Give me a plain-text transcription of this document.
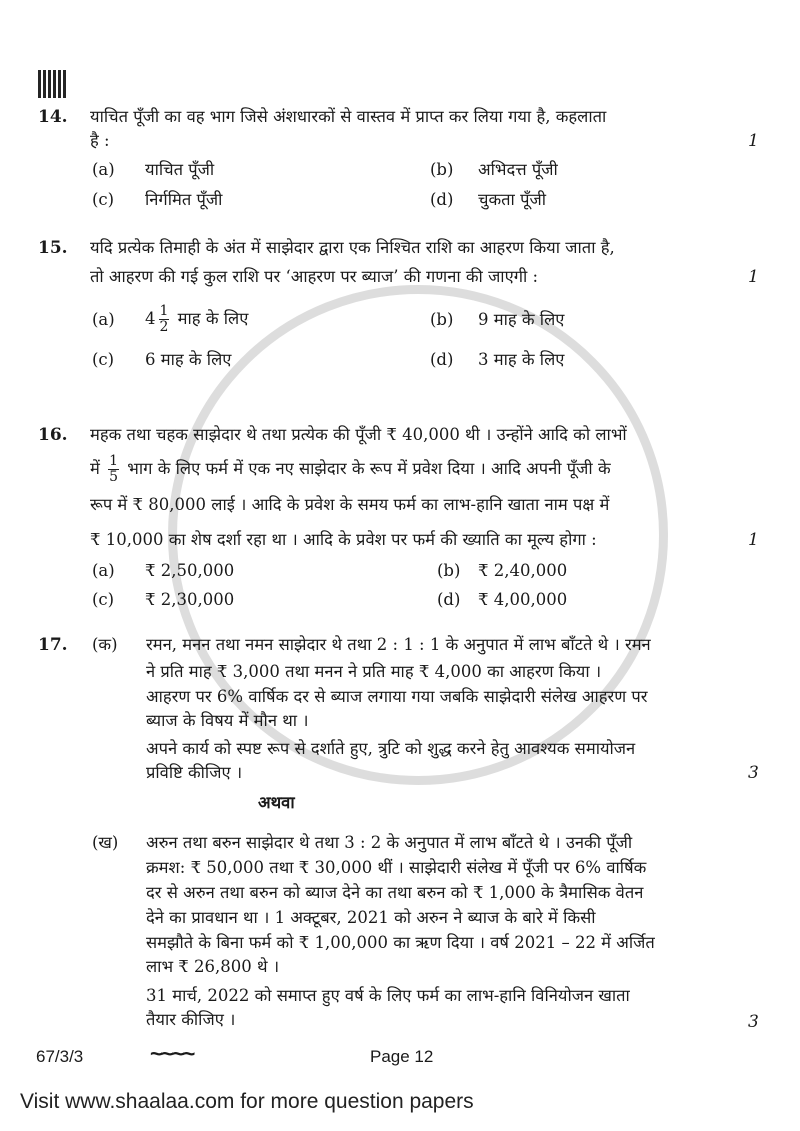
14. याचित पूँजी का वह भाग जिसे अंशधारकों से वास्तव में प्राप्त कर लिया गया है, कहलाता
है :	1
(a) याचित पूँजी	(b) अभिदत्त पूँजी
(c) निर्गमित पूँजी	(d) चुकता पूँजी
15. यदि प्रत्येक तिमाही के अंत में साझेदार द्वारा एक निश्चित राशि का आहरण किया जाता है,
तो आहरण की गई कुल राशि पर ‘आहरण पर ब्याज’ की गणना की जाएगी :	1
(a) $4 \frac{1}{2}$ माह के लिए	(b) 9 माह के लिए
(c) 6 माह के लिए	(d) 3 माह के लिए
16. महक तथा चहक साझेदार थे तथा प्रत्येक की पूँजी ₹ 40,000 थी । उन्होंने आदि को लाभों
में $\frac{1}{5}$ भाग के लिए फर्म में एक नए साझेदार के रूप में प्रवेश दिया । आदि अपनी पूँजी के
रूप में ₹ 80,000 लाई । आदि के प्रवेश के समय फर्म का लाभ-हानि खाता नाम पक्ष में
₹ 10,000 का शेष दर्शा रहा था । आदि के प्रवेश पर फर्म की ख्याति का मूल्य होगा :	1
(a) ₹ 2,50,000	(b) ₹ 2,40,000
(c) ₹ 2,30,000	(d) ₹ 4,00,000
17. (क) रमन, मनन तथा नमन साझेदार थे तथा 2 : 1 : 1 के अनुपात में लाभ बाँटते थे । रमन
ने प्रति माह ₹ 3,000 तथा मनन ने प्रति माह ₹ 4,000 का आहरण किया ।
आहरण पर 6% वार्षिक दर से ब्याज लगाया गया जबकि साझेदारी संलेख आहरण पर
ब्याज के विषय में मौन था ।
अपने कार्य को स्पष्ट रूप से दर्शाते हुए, त्रुटि को शुद्ध करने हेतु आवश्यक समायोजन
प्रविष्टि कीजिए ।	3
अथवा
(ख) अरुन तथा बरुन साझेदार थे तथा 3 : 2 के अनुपात में लाभ बाँटते थे । उनकी पूँजी
क्रमश: ₹ 50,000 तथा ₹ 30,000 थीं । साझेदारी संलेख में पूँजी पर 6% वार्षिक
दर से अरुन तथा बरुन को ब्याज देने का तथा बरुन को ₹ 1,000 के त्रैमासिक वेतन
देने का प्रावधान था । 1 अक्टूबर, 2021 को अरुन ने ब्याज के बारे में किसी
समझौते के बिना फर्म को ₹ 1,00,000 का ऋण दिया । वर्ष 2021 – 22 में अर्जित
लाभ ₹ 26,800 थे ।
31 मार्च, 2022 को समाप्त हुए वर्ष के लिए फर्म का लाभ-हानि विनियोजन खाता
तैयार कीजिए ।	3
67/3/3	~~~~	Page 12
Visit www.shaalaa.com for more question papers
